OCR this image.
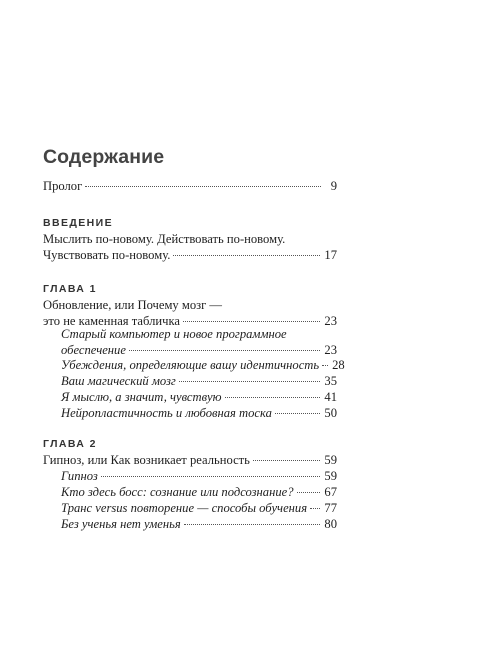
Содержание
Пролог	9
ВВЕДЕНИЕ
Мыслить по-новому. Действовать по-новому.
Чувствовать по-новому.	17
ГЛАВА 1
Обновление, или Почему мозг —
это не каменная табличка	23
Старый компьютер и новое программное
обеспечение	23
Убеждения, определяющие вашу идентичность 28
Ваш магический мозг	35
Я мыслю, а значит, чувствую	41
Нейропластичность и любовная тоска	50
ГЛАВА 2
Гипноз, или Как возникает реальность	59
Гипноз	59
Кто здесь босс: сознание или подсознание? 67
Транс versus повторение — способы обучения 77
Без ученья нет уменья	80
